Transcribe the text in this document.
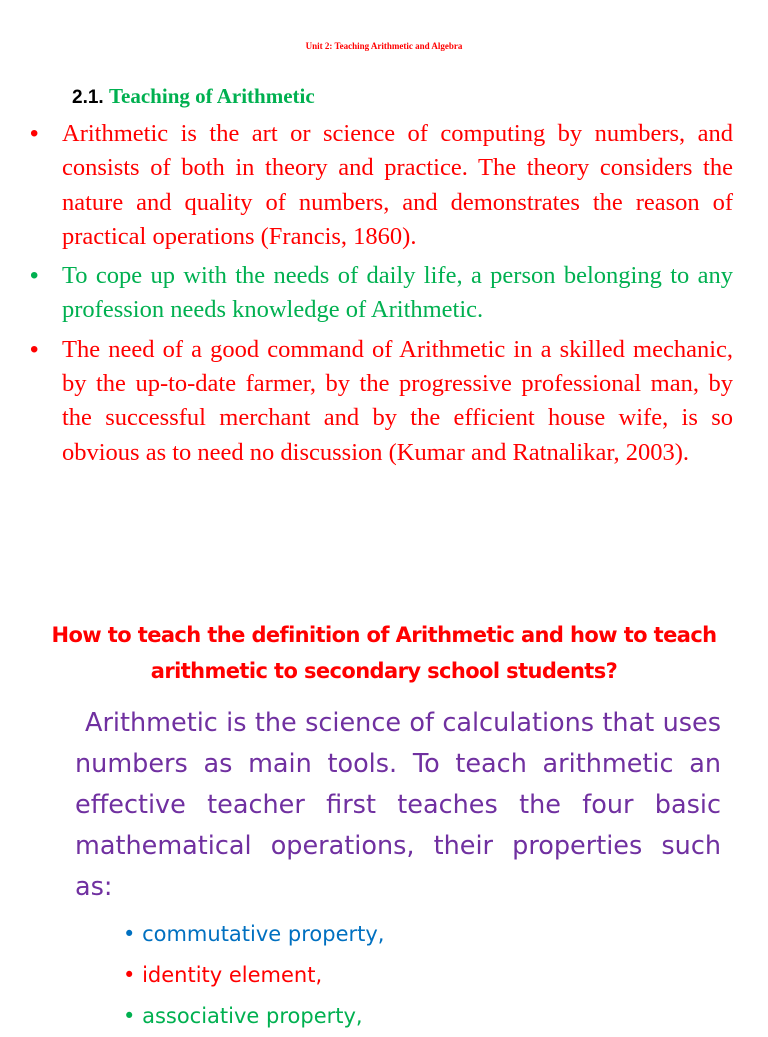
Unit 2: Teaching Arithmetic and Algebra
2.1. Teaching of Arithmetic
• Arithmetic is the art or science of computing by numbers, and consists of both in theory and practice. The theory considers the nature and quality of numbers, and demonstrates the reason of practical operations (Francis, 1860).
• To cope up with the needs of daily life, a person belonging to any profession needs knowledge of Arithmetic.
• The need of a good command of Arithmetic in a skilled mechanic, by the up-to-date farmer, by the progressive professional man, by the successful merchant and by the efficient house wife, is so obvious as to need no discussion (Kumar and Ratnalikar, 2003).
How to teach the definition of Arithmetic and how to teach arithmetic to secondary school students?
Arithmetic is the science of calculations that uses numbers as main tools. To teach arithmetic an effective teacher first teaches the four basic mathematical operations, their properties such as:
• commutative property,
• identity element,
• associative property,
